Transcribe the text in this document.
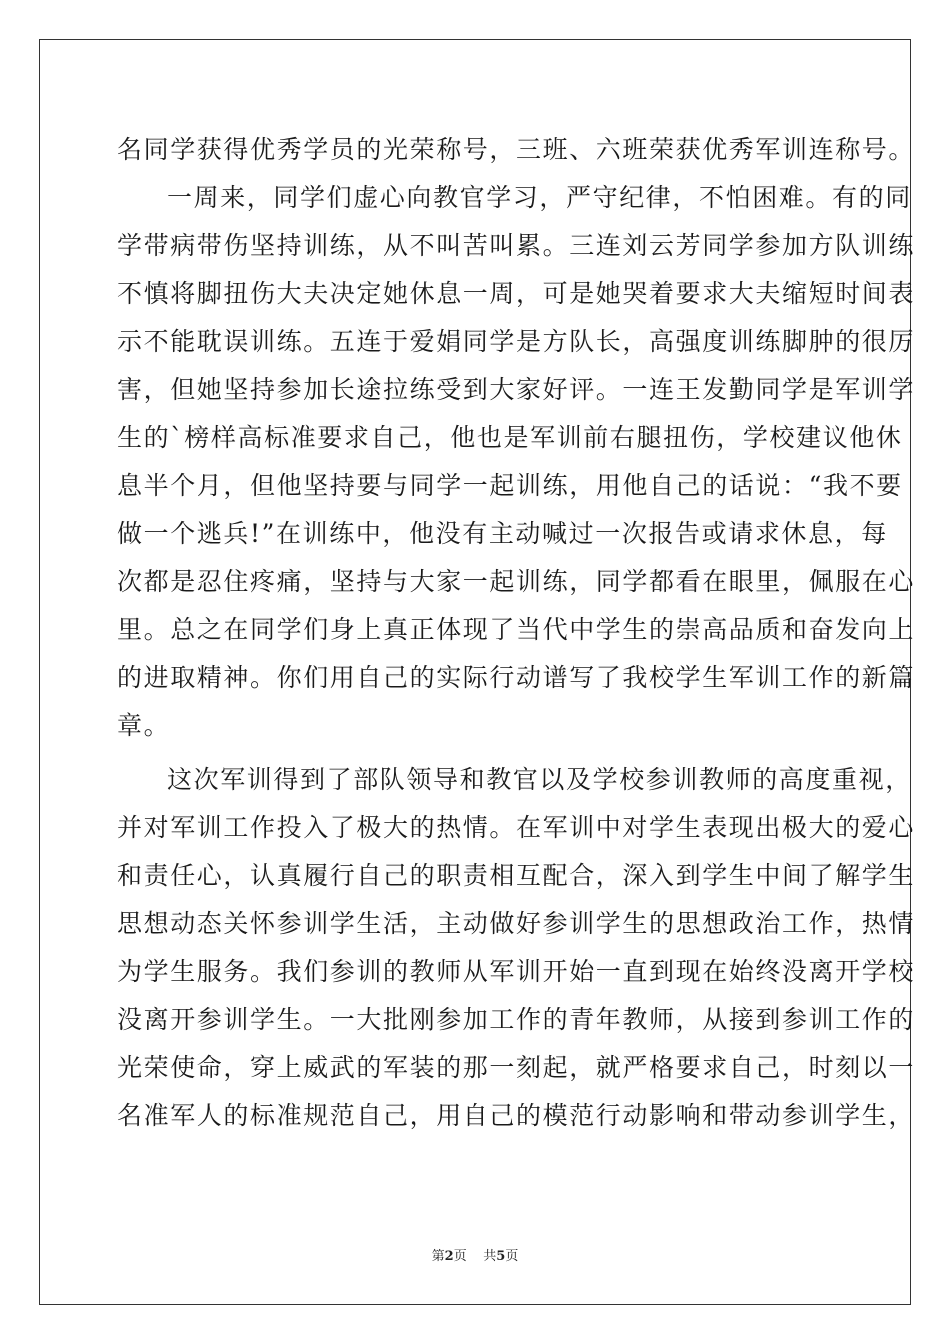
名同学获得优秀学员的光荣称号，三班、六班荣获优秀军训连称号。
一周来，同学们虚心向教官学习，严守纪律，不怕困难。有的同
学带病带伤坚持训练，从不叫苦叫累。三连刘云芳同学参加方队训练
不慎将脚扭伤大夫决定她休息一周，可是她哭着要求大夫缩短时间表
示不能耽误训练。五连于爱娟同学是方队长，高强度训练脚肿的很厉
害，但她坚持参加长途拉练受到大家好评。一连王发勤同学是军训学
生的`榜样高标准要求自己，他也是军训前右腿扭伤，学校建议他休
息半个月，但他坚持要与同学一起训练，用他自己的话说：“我不要
做一个逃兵!”在训练中，他没有主动喊过一次报告或请求休息，每
次都是忍住疼痛，坚持与大家一起训练，同学都看在眼里，佩服在心
里。总之在同学们身上真正体现了当代中学生的崇高品质和奋发向上
的进取精神。你们用自己的实际行动谱写了我校学生军训工作的新篇
章。
这次军训得到了部队领导和教官以及学校参训教师的高度重视，
并对军训工作投入了极大的热情。在军训中对学生表现出极大的爱心
和责任心，认真履行自己的职责相互配合，深入到学生中间了解学生
思想动态关怀参训学生活，主动做好参训学生的思想政治工作，热情
为学生服务。我们参训的教师从军训开始一直到现在始终没离开学校
没离开参训学生。一大批刚参加工作的青年教师，从接到参训工作的
光荣使命，穿上威武的军装的那一刻起，就严格要求自己，时刻以一
名准军人的标准规范自己，用自己的模范行动影响和带动参训学生，
第2页 共5页
